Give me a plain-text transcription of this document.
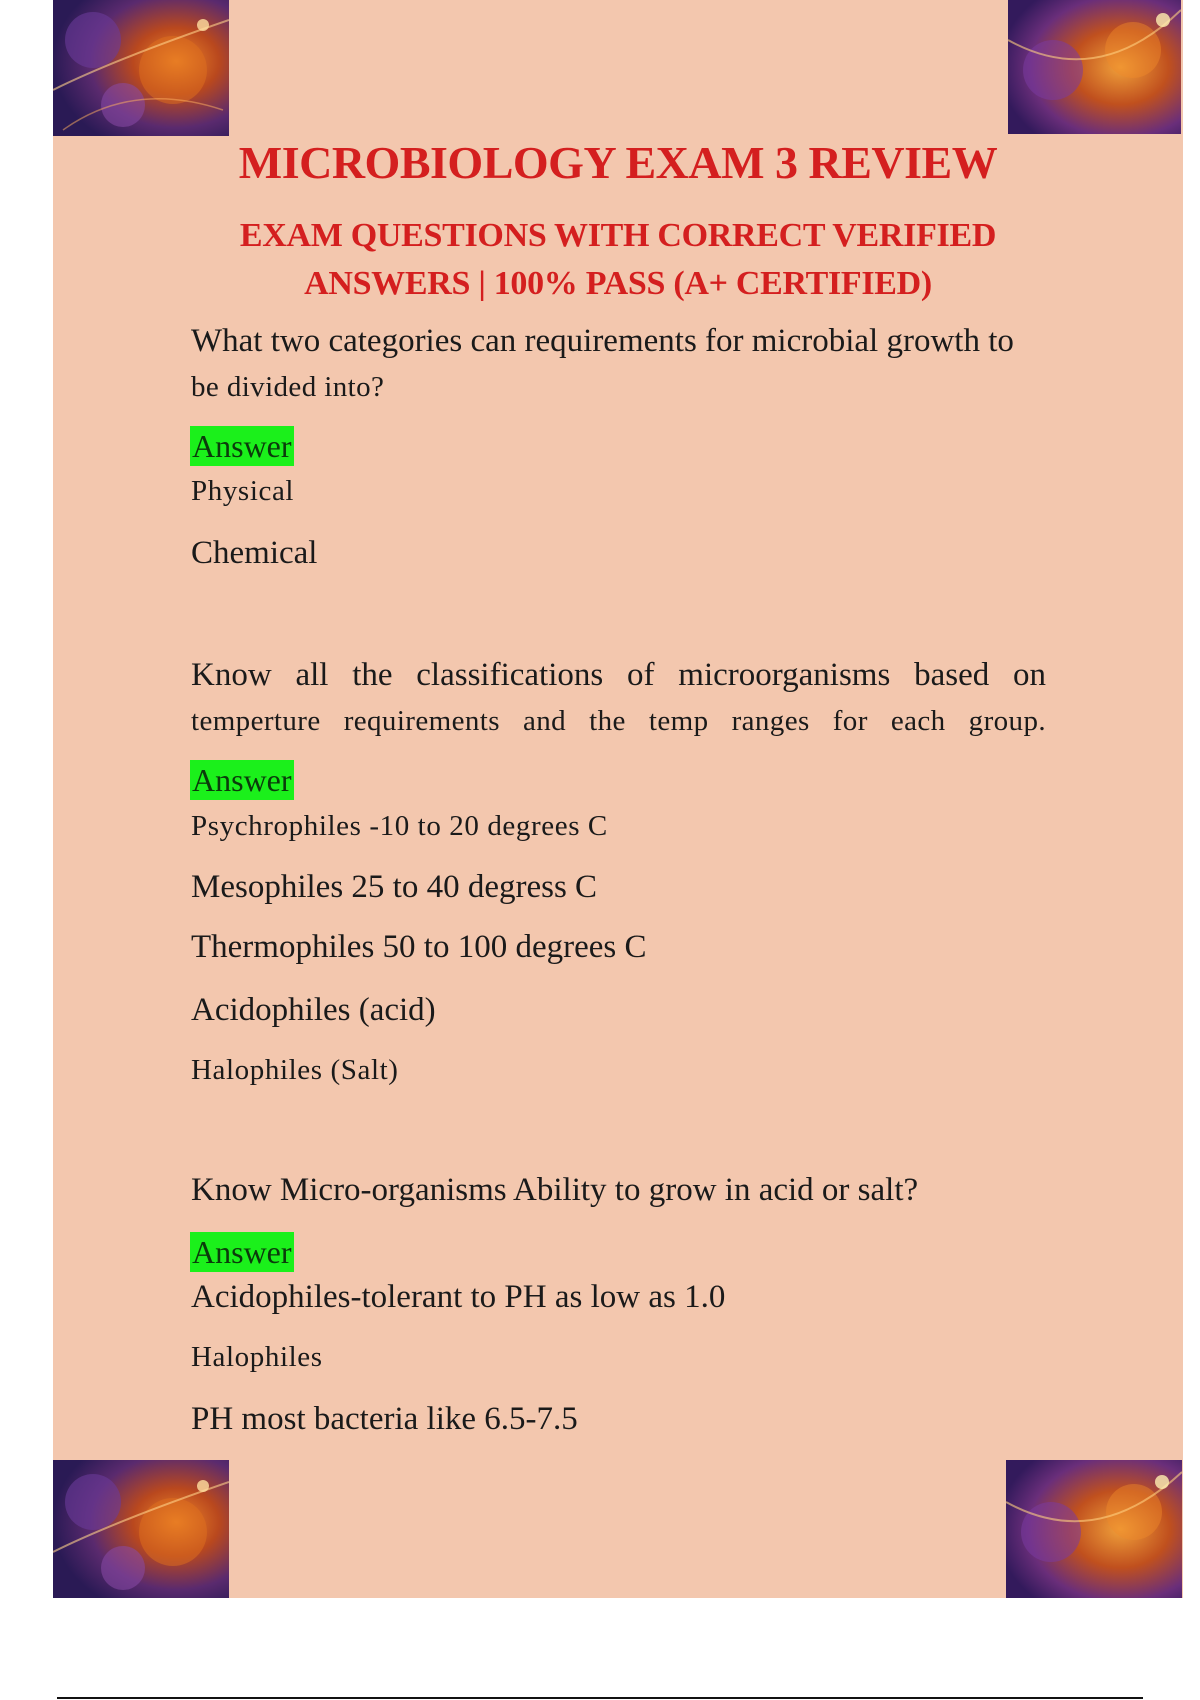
MICROBIOLOGY EXAM 3 REVIEW
EXAM QUESTIONS WITH CORRECT VERIFIED
ANSWERS | 100% PASS (A+ CERTIFIED)
What two categories can requirements for microbial growth to
be divided into?
Answer
Physical
Chemical
Know all the classifications of microorganisms based on
temperture requirements and the temp ranges for each group.
Answer
Psychrophiles -10 to 20 degrees C
Mesophiles 25 to 40 degress C
Thermophiles 50 to 100 degrees C
Acidophiles (acid)
Halophiles (Salt)
Know Micro-organisms Ability to grow in acid or salt?
Answer
Acidophiles-tolerant to PH as low as 1.0
Halophiles
PH most bacteria like 6.5-7.5
